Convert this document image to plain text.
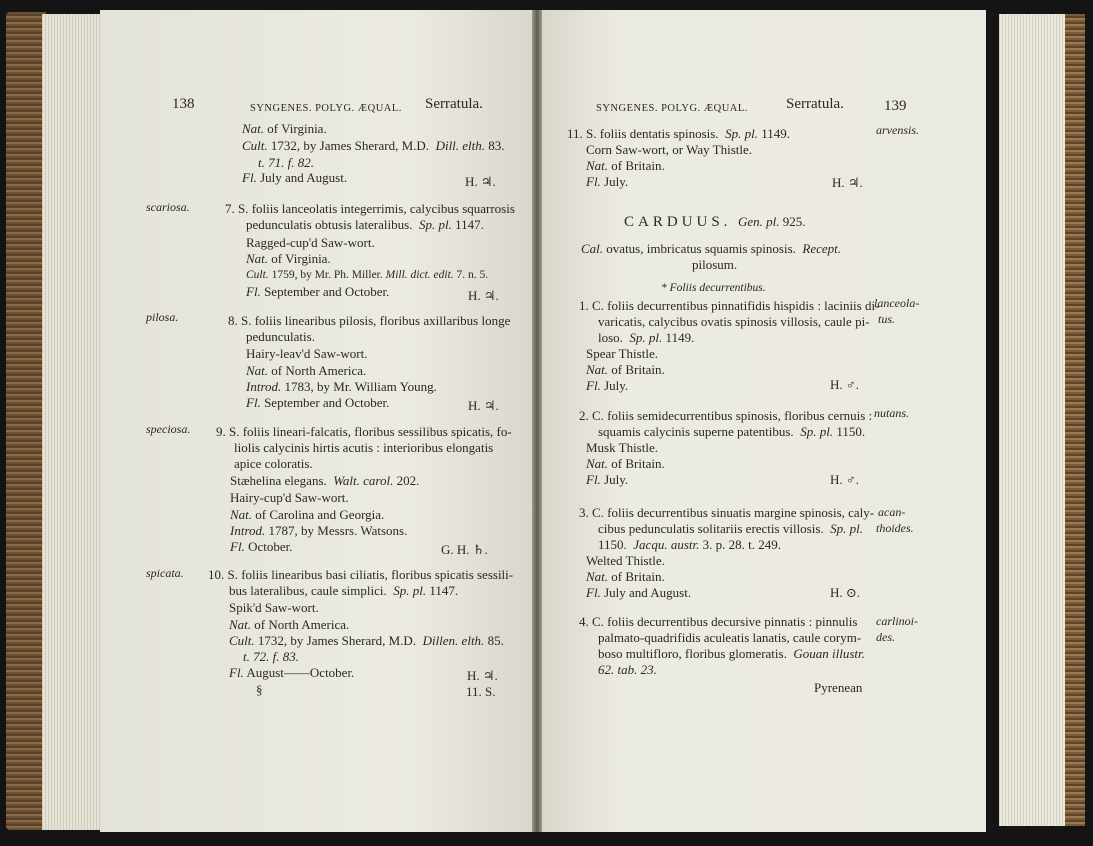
138	SYNGENES. POLYG. ÆQUAL. Serratula.
Nat. of Virginia.
Cult. 1732, by James Sherard, M.D. Dill. elth. 83.
t. 71. f. 82.
Fl. July and August.	H. ♃.
scariosa.	7. S. foliis lanceolatis integerrimis, calycibus squarrosis
pedunculatis obtusis lateralibus. Sp. pl. 1147.
Ragged-cup'd Saw-wort.
Nat. of Virginia.
Cult. 1759, by Mr. Ph. Miller. Mill. dict. edit. 7. n. 5.
Fl. September and October.	H. ♃.
pilosa.	8. S. foliis linearibus pilosis, floribus axillaribus longe
pedunculatis.
Hairy-leav'd Saw-wort.
Nat. of North America.
Introd. 1783, by Mr. William Young.
Fl. September and October.	H. ♃.
speciosa. 9. S. foliis lineari-falcatis, floribus sessilibus spicatis, fo-
liolis calycinis hirtis acutis : interioribus elongatis
apice coloratis.
Stæhelina elegans. Walt. carol. 202.
Hairy-cup'd Saw-wort.
Nat. of Carolina and Georgia.
Introd. 1787, by Messrs. Watsons.
Fl. October.	G. H. ♄.
spicata. 10. S. foliis linearibus basi ciliatis, floribus spicatis sessili-
bus lateralibus, caule simplici. Sp. pl. 1147.
Spik'd Saw-wort.
Nat. of North America.
Cult. 1732, by James Sherard, M.D. Dillen. elth. 85.
t. 72. f. 83.
Fl. August——October.	H. ♃.
§	11. S.
SYNGENES. POLYG. ÆQUAL.	Serratula.	139
arvensis.
11. S. foliis dentatis spinosis. Sp. pl. 1149.
Corn Saw-wort, or Way Thistle.
Nat. of Britain.
Fl. July.	H. ♃.
CARDUUS. Gen. pl. 925.
Cal. ovatus, imbricatus squamis spinosis. Recept.
pilosum.
* Foliis decurrentibus.
lanceola-
tus.
1. C. foliis decurrentibus pinnatifidis hispidis : laciniis di-
varicatis, calycibus ovatis spinosis villosis, caule pi-
loso. Sp. pl. 1149.
Spear Thistle.
Nat. of Britain.
Fl. July.	H. ♂.
nutans.
2. C. foliis semidecurrentibus spinosis, floribus cernuis :
squamis calycinis superne patentibus. Sp. pl. 1150.
Musk Thistle.
Nat. of Britain.
Fl. July.	H. ♂.
acan-
thoides.
3. C. foliis decurrentibus sinuatis margine spinosis, caly-
cibus pedunculatis solitariis erectis villosis. Sp. pl.
1150. Jacqu. austr. 3. p. 28. t. 249.
Welted Thistle.
Nat. of Britain.
Fl. July and August.	H. ⊙.
carlinoi-
des.
4. C. foliis decurrentibus decursive pinnatis : pinnulis
palmato-quadrifidis aculeatis lanatis, caule corym-
boso multifloro, floribus glomeratis. Gouan illustr.
62. tab. 23.
Pyrenean
